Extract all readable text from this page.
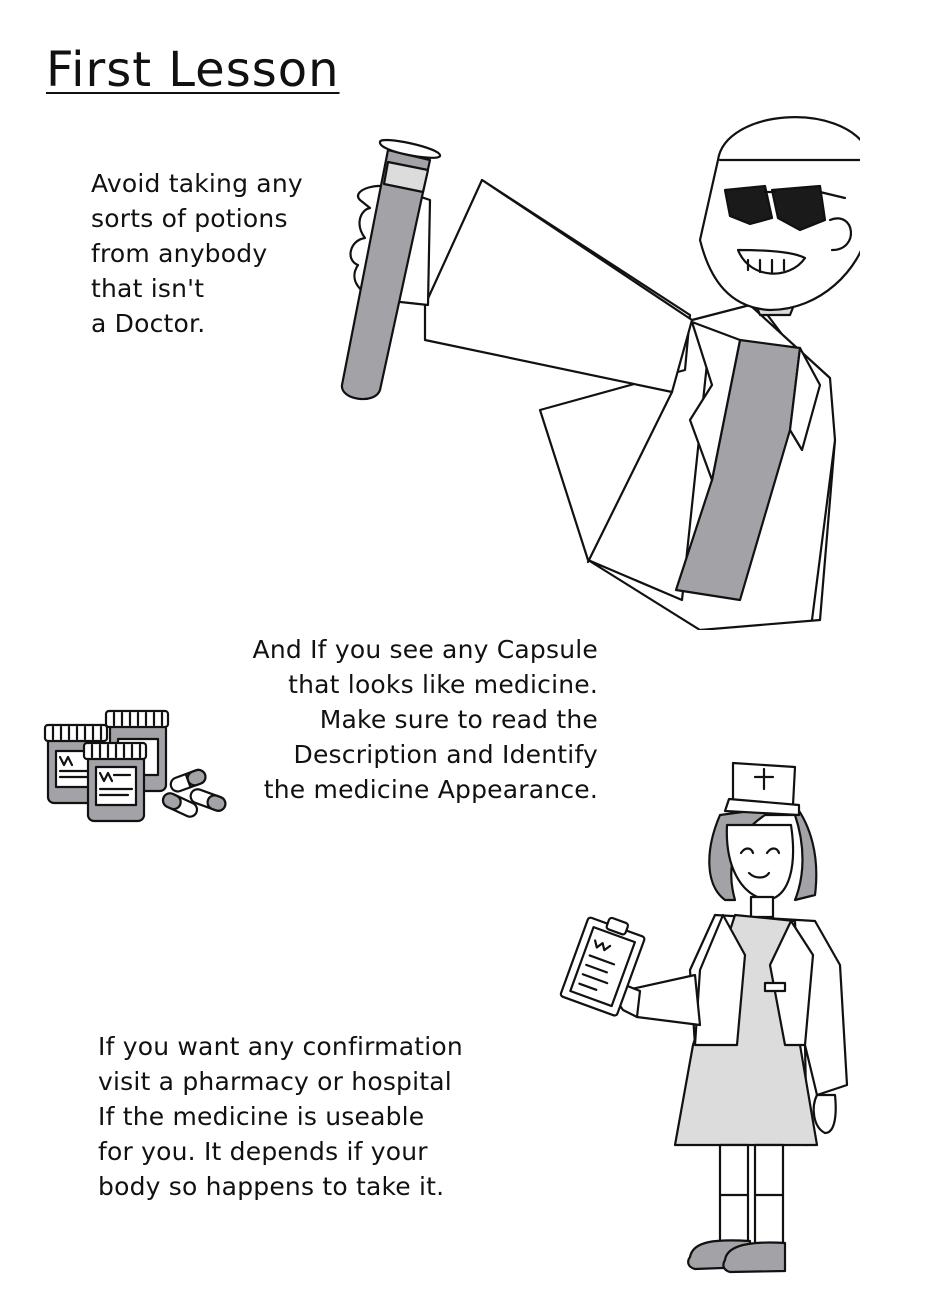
First Lesson
Avoid taking any
sorts of potions
from anybody
that isn't
a Doctor.
And If you see any Capsule
that looks like medicine.
Make sure to read the
Description and Identify
the medicine Appearance.
If you want any confirmation
visit a pharmacy or hospital
If the medicine is useable
for you. It depends if your
body so happens to take it.
